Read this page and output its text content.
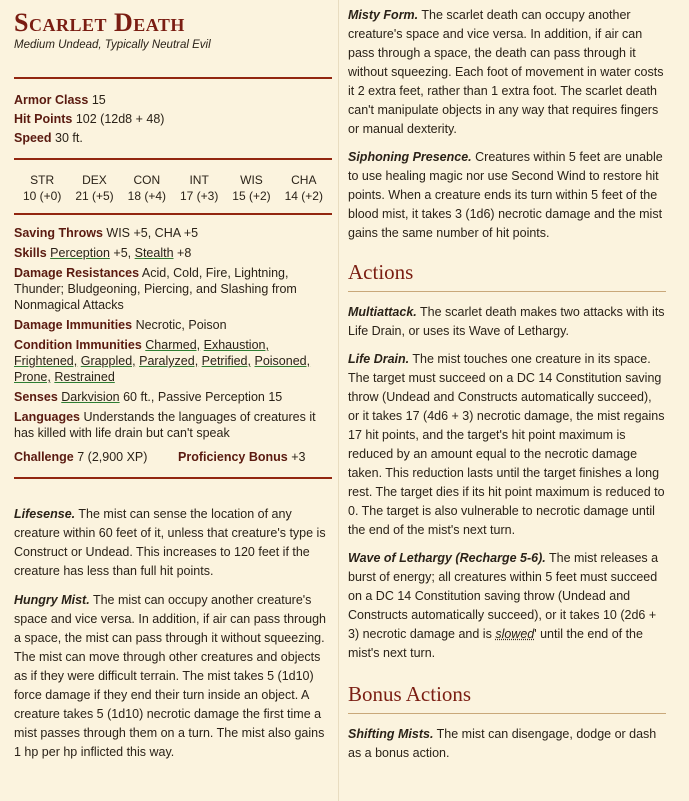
Scarlet Death
Medium Undead, Typically Neutral Evil
Armor Class 15
Hit Points 102 (12d8 + 48)
Speed 30 ft.
STR
10 (+0)
DEX
21 (+5)
CON
18 (+4)
INT
17 (+3)
WIS
15 (+2)
CHA
14 (+2)
Saving Throws WIS +5, CHA +5
Skills Perception +5, Stealth +8
Damage Resistances Acid, Cold, Fire, Lightning, Thunder; Bludgeoning, Piercing, and Slashing from Nonmagical Attacks
Damage Immunities Necrotic, Poison
Condition Immunities Charmed, Exhaustion, Frightened, Grappled, Paralyzed, Petrified, Poisoned, Prone, Restrained
Senses Darkvision 60 ft., Passive Perception 15
Languages Understands the languages of creatures it has killed with life drain but can't speak
Challenge 7 (2,900 XP)	Proficiency Bonus +3

Lifesense. The mist can sense the location of any creature within 60 feet of it, unless that creature's type is Construct or Undead. This increases to 120 feet if the creature has less than full hit points.

Hungry Mist. The mist can occupy another creature's space and vice versa. In addition, if air can pass through a space, the mist can pass through it without squeezing. The mist can move through other creatures and objects as if they were difficult terrain. The mist takes 5 (1d10) force damage if they end their turn inside an object. A creature takes 5 (1d10) necrotic damage the first time a mist passes through them on a turn. The mist also gains 1 hp per hp inflicted this way.

Misty Form. The scarlet death can occupy another creature's space and vice versa. In addition, if air can pass through a space, the death can pass through it without squeezing. Each foot of movement in water costs it 2 extra feet, rather than 1 extra foot. The scarlet death can't manipulate objects in any way that requires fingers or manual dexterity.

Siphoning Presence. Creatures within 5 feet are unable to use healing magic nor use Second Wind to restore hit points. When a creature ends its turn within 5 feet of the blood mist, it takes 3 (1d6) necrotic damage and the mist gains the same number of hit points.

Actions

Multiattack. The scarlet death makes two attacks with its Life Drain, or uses its Wave of Lethargy.

Life Drain. The mist touches one creature in its space. The target must succeed on a DC 14 Constitution saving throw (Undead and Constructs automatically succeed), or it takes 17 (4d6 + 3) necrotic damage, the mist regains 17 hit points, and the target's hit point maximum is reduced by an amount equal to the necrotic damage taken. This reduction lasts until the target finishes a long rest. The target dies if its hit point maximum is reduced to 0. The target is also vulnerable to necrotic damage until the end of the mist's next turn.

Wave of Lethargy (Recharge 5-6). The mist releases a burst of energy; all creatures within 5 feet must succeed on a DC 14 Constitution saving throw (Undead and Constructs automatically succeed), or it takes 10 (2d6 + 3) necrotic damage and is slowed' until the end of the mist's next turn.

Bonus Actions

Shifting Mists. The mist can disengage, dodge or dash as a bonus action.
